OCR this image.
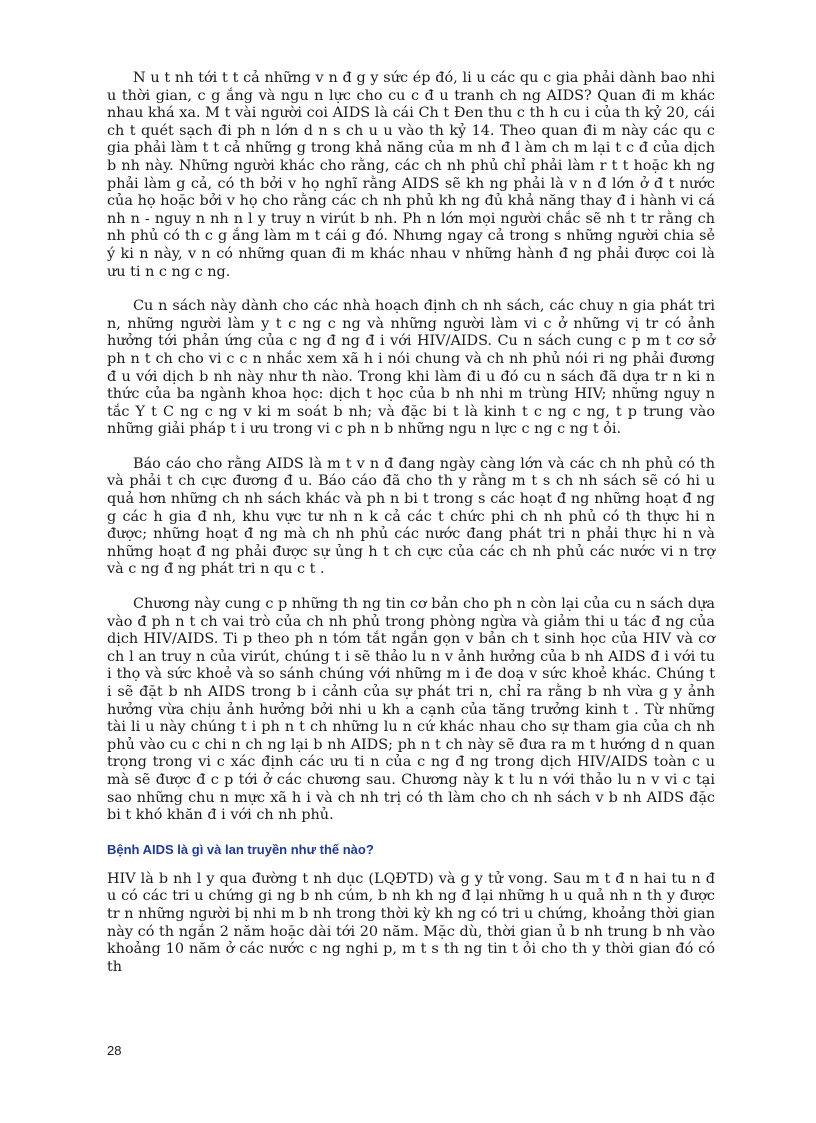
N u t nh tới t t cả những v n đ g y sức ép đó, li u các qu c gia phải dành bao nhi u thời gian, c g ắng và ngu n lực cho cu c đ u tranh ch ng AIDS? Quan đi m khác nhau khá xa. M t vài người coi AIDS là cái Ch t Đen thu c th h cu i của th kỷ 20, cái ch t quét sạch đi ph n lớn d n s ch u u vào th kỷ 14. Theo quan đi m này các qu c gia phải làm t t cả những g trong khả năng của m nh đ l àm ch m lại t c đ của dịch b nh này. Những người khác cho rằng, các ch nh phủ chỉ phải làm r t t hoặc kh ng phải làm g cả, có th bởi v họ nghĩ rằng AIDS sẽ kh ng phải là v n đ lớn ở đ t nước của họ hoặc bởi v họ cho rằng các ch nh phủ kh ng đủ khả năng thay đ i hành vi cá nh n - nguy n nh n l y truy n virút b nh. Ph n lớn mọi người chắc sẽ nh t tr rằng ch nh phủ có th c g ắng làm m t cái g đó. Nhưng ngay cả trong s những người chia sẻ ý ki n này, v n có những quan đi m khác nhau v những hành đ ng phải được coi là ưu ti n c ng c ng.

Cu n sách này dành cho các nhà hoạch định ch nh sách, các chuy n gia phát tri n, những người làm y t c ng c ng và những người làm vi c ở những vị tr có ảnh hưởng tới phản ứng của c ng đ ng đ i với HIV/AIDS. Cu n sách cung c p m t cơ sở ph n t ch cho vi c c n nhắc xem xã h i nói chung và ch nh phủ nói ri ng phải đương đ u với dịch b nh này như th nào. Trong khi làm đi u đó cu n sách đã dựa tr n ki n thức của ba ngành khoa học: dịch t học của b nh nhi m trùng HIV; những nguy n tắc Y t C ng c ng v ki m soát b nh; và đặc bi t là kinh t c ng c ng, t p trung vào những giải pháp t i ưu trong vi c ph n b những ngu n lực c ng c ng t ỏi.

Báo cáo cho rằng AIDS là m t v n đ đang ngày càng lớn và các ch nh phủ có th và phải t ch cực đương đ u. Báo cáo đã cho th y rằng m t s ch nh sách sẽ có hi u quả hơn những ch nh sách khác và ph n bi t trong s các hoạt đ ng những hoạt đ ng g các h gia đ nh, khu vực tư nh n k cả các t chức phi ch nh phủ có th thực hi n được; những hoạt đ ng mà ch nh phủ các nước đang phát tri n phải thực hi n và những hoạt đ ng phải được sự ủng h t ch cực của các ch nh phủ các nước vi n trợ và c ng đ ng phát tri n qu c t .

Chương này cung c p những th ng tin cơ bản cho ph n còn lại của cu n sách dựa vào đ ph n t ch vai trò của ch nh phủ trong phòng ngừa và giảm thi u tác đ ng của dịch HIV/AIDS. Ti p theo ph n tóm tắt ngắn gọn v bản ch t sinh học của HIV và cơ ch l an truy n của virút, chúng t i sẽ thảo lu n v ảnh hưởng của b nh AIDS đ i với tu i thọ và sức khoẻ và so sánh chúng với những m i đe doạ v sức khoẻ khác. Chúng t i sẽ đặt b nh AIDS trong b i cảnh của sự phát tri n, chỉ ra rằng b nh vừa g y ảnh hưởng vừa chịu ảnh hưởng bởi nhi u kh a cạnh của tăng trưởng kinh t . Từ những tài li u này chúng t i ph n t ch những lu n cứ khác nhau cho sự tham gia của ch nh phủ vào cu c chi n ch ng lại b nh AIDS; ph n t ch này sẽ đưa ra m t hướng d n quan trọng trong vi c xác định các ưu ti n của c ng đ ng trong dịch HIV/AIDS toàn c u mà sẽ được đ c p tới ở các chương sau. Chương này k t lu n với thảo lu n v vi c tại sao những chu n mực xã h i và ch nh trị có th làm cho ch nh sách v b nh AIDS đặc bi t khó khăn đ i với ch nh phủ.

Bệnh AIDS là gì và lan truyền như thế nào?

HIV là b nh l y qua đường t nh dục (LQĐTD) và g y tử vong. Sau m t đ n hai tu n đ u có các tri u chứng gi ng b nh cúm, b nh kh ng đ lại những h u quả nh n th y được tr n những người bị nhi m b nh trong thời kỳ kh ng có tri u chứng, khoảng thời gian này có th ngắn 2 năm hoặc dài tới 20 năm. Mặc dù, thời gian ủ b nh trung b nh vào khoảng 10 năm ở các nước c ng nghi p, m t s th ng tin t ỏi cho th y thời gian đó có th

28
